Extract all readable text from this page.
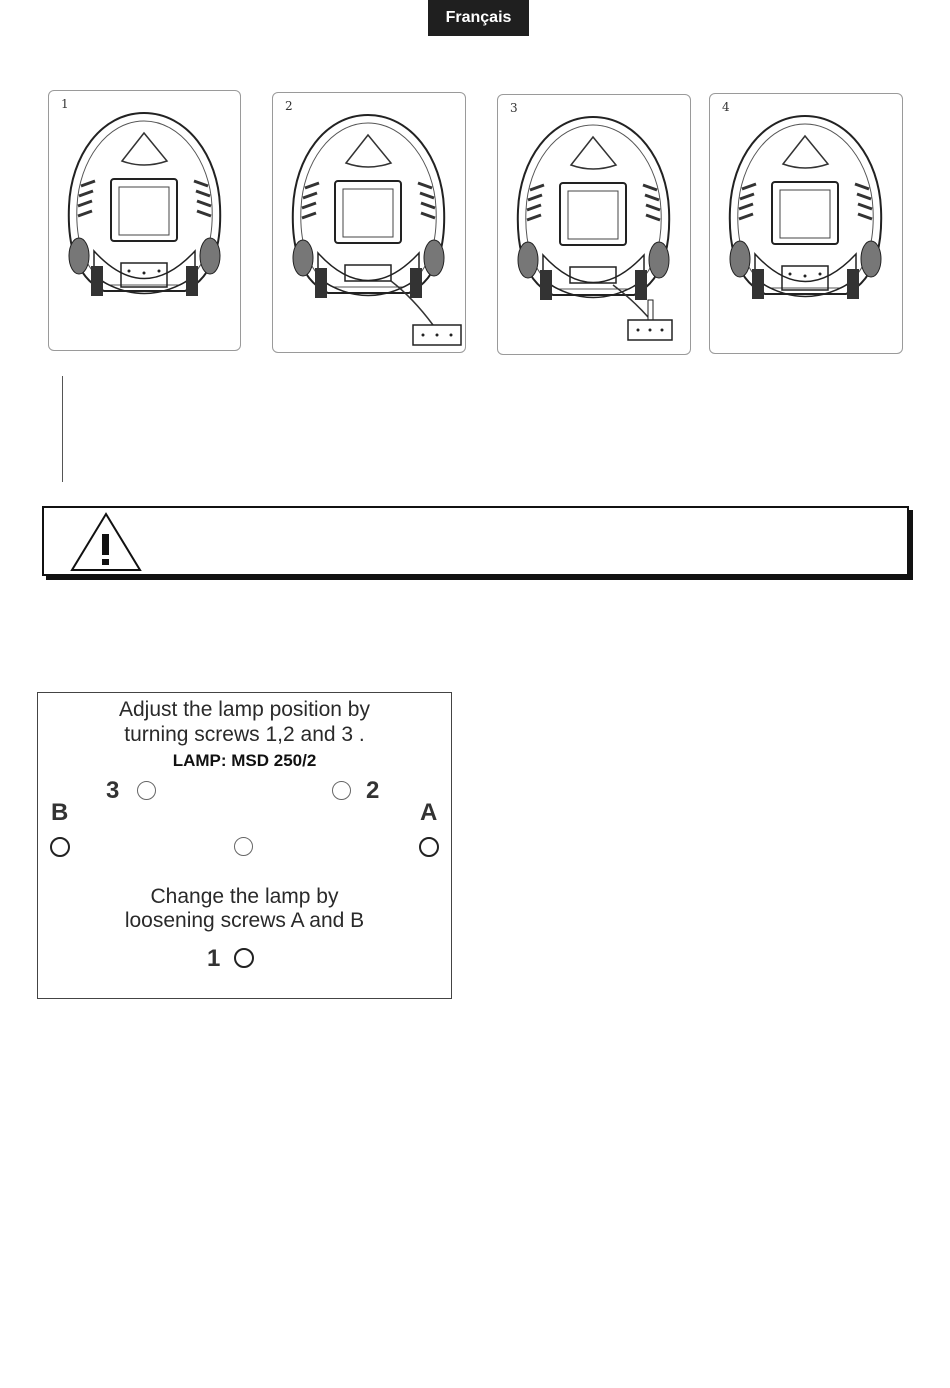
Français
1	2	3	4
Adjust the lamp position by
turning screws 1,2 and 3 .
LAMP: MSD 250/2
3	2
B	A
Change the lamp by
loosening screws A and B
1
